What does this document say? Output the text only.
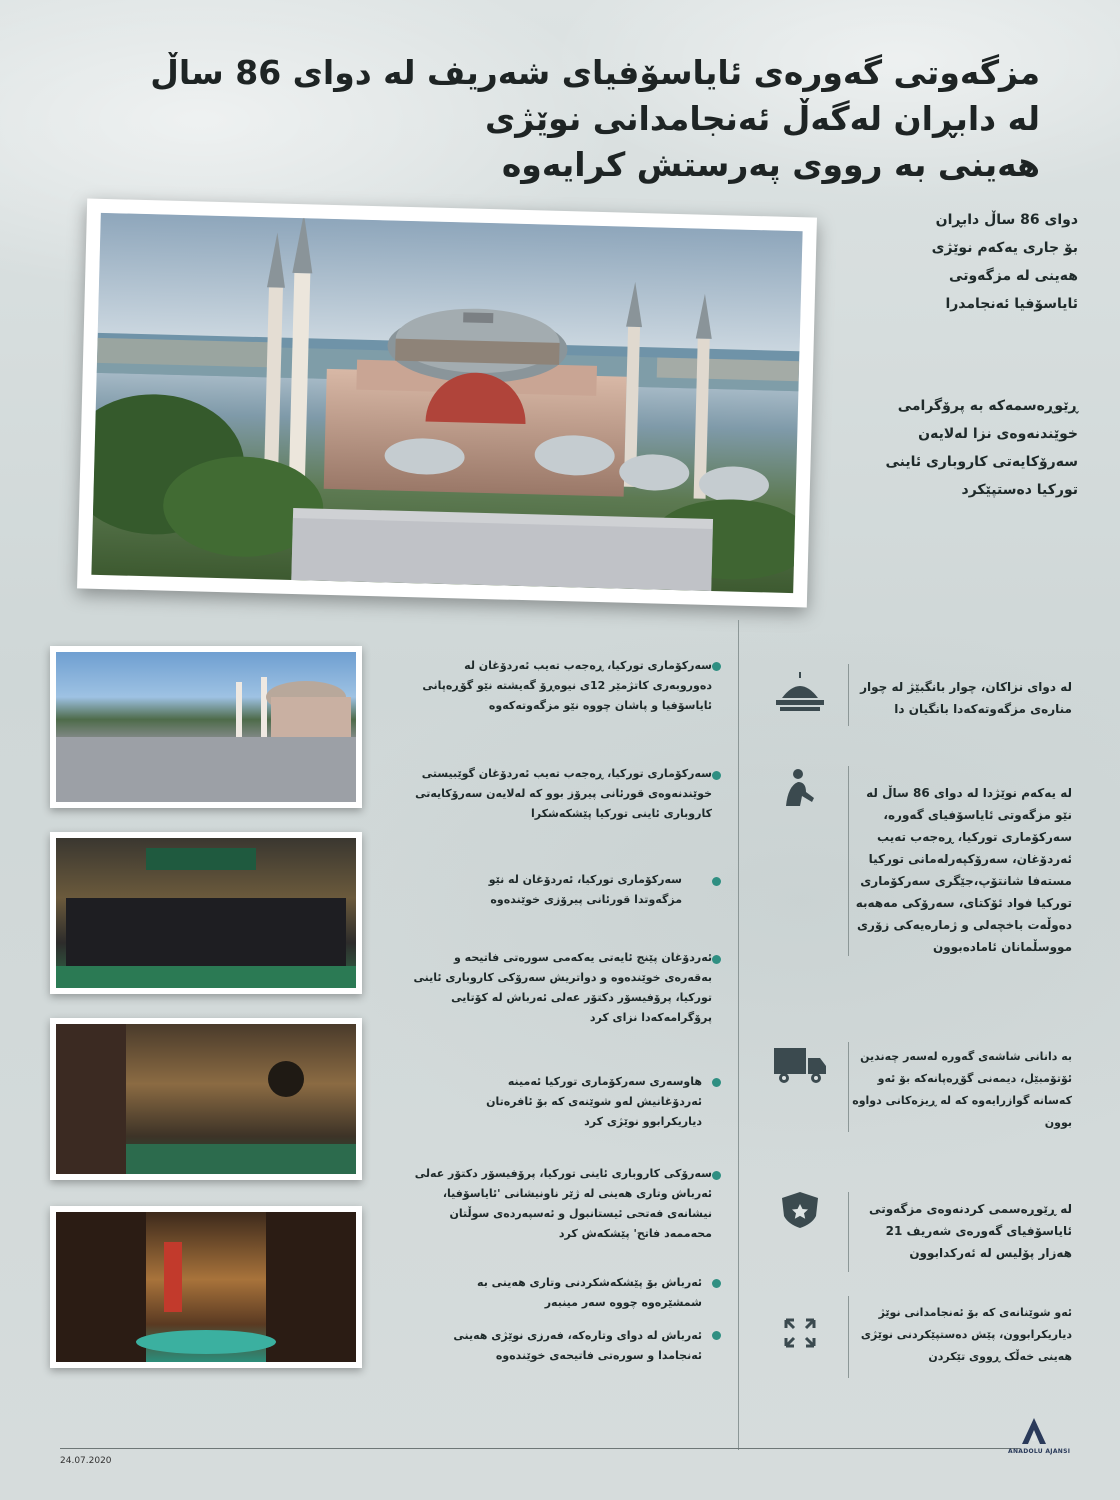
مزگەوتی گەورەی ئایاسۆفیای شەریف لە دوای 86 ساڵ
لە دابڕان لەگەڵ ئەنجامدانی نوێژی
هەینی بە رووی پەرستش کرایەوە
دوای 86 ساڵ دابڕان بۆ جاری یەکەم نوێژی هەینی لە مزگەوتی ئایاسۆفیا ئەنجامدرا
ڕێوڕەسمەکە بە پرۆگرامی خوێندنەوەی نزا لەلایەن سەرۆکایەتی کاروباری ئاینی تورکیا دەستپێکرد
سەرکۆماری تورکیا، ڕەجەب تەیب ئەردۆغان لە دەوروبەری کاتژمێر 12ی نیوەڕۆ گەیشتە نێو گۆڕەپانی ئایاسۆفیا و پاشان چووە نێو مزگەوتەکەوە
سەرکۆماری تورکیا، ڕەجەب تەیب ئەردۆغان گوێبیستی خوێندنەوەی قورئانی پیرۆز بوو کە لەلایەن سەرۆکایەتی کاروباری ئاینی تورکیا پێشکەشکرا
سەرکۆماری تورکیا، ئەردۆغان لە نێو مزگەوتدا قورئانی پیرۆزی خوێندەوە
ئەردۆغان پێنج ئایەتی یەکەمی سورەتی فاتیحە و بەقەرەی خوێندەوە و دواتریش سەرۆکی کاروباری ئاینی تورکیا، پرۆفیسۆر دکتۆر عەلی ئەرباش لە کۆتایی پرۆگرامەکەدا نزای کرد
هاوسەری سەرکۆماری تورکیا ئەمینە ئەردۆغانیش لەو شوێنەی کە بۆ ئافرەتان دیاریکرابوو نوێژی کرد
سەرۆکی کاروباری ئاینی تورکیا، پرۆفیسۆر دکتۆر عەلی ئەرباش وتاری هەینی لە ژێر ناونیشانی 'ئایاسۆفیا، نیشانەی فەتحی ئیستانبول و ئەسپەردەی سوڵتان محەممەد فاتح' پێشکەش کرد
ئەرباش بۆ پێشکەشکردنی وتاری هەینی بە شمشێرەوە چووە سەر مینبەر
ئەرباش لە دوای وتارەکە، فەرزی نوێژی هەینی ئەنجامدا و سورەتی فاتیحەی خوێندەوە
لە دوای نزاکان، چوار بانگبێژ لە چوار منارەی مزگەوتەکەدا بانگیان دا
لە یەکەم نوێژدا لە دوای 86 ساڵ لە نێو مزگەوتی ئایاسۆفیای گەورە، سەرکۆماری تورکیا، ڕەجەب تەیب ئەردۆغان، سەرۆکپەرلەمانی تورکیا مستەفا شانتۆپ،جێگری سەرکۆماری تورکیا فواد ئۆکتای، سەرۆکی مەهەبە دەوڵەت باخچەلی و ژمارەیەکی زۆری مووسڵمانان ئامادەبوون
بە دانانی شاشەی گەورە لەسەر چەندین ئۆتۆمبێل، دیمەنی گۆڕەپانەکە بۆ ئەو کەسانە گوازرایەوە کە لە ڕیزەکانی دواوە بوون
لە ڕێوڕەسمی کردنەوەی مزگەوتی ئایاسۆفیای گەورەی شەریف 21 هەزار پۆلیس لە ئەرکدابوون
ئەو شوێنانەی کە بۆ ئەنجامدانی نوێژ دیاریکرابوون، پێش دەستپێکردنی نوێژی هەینی خەڵک ڕووی تێکردن
24.07.2020
ANADOLU AJANSI
